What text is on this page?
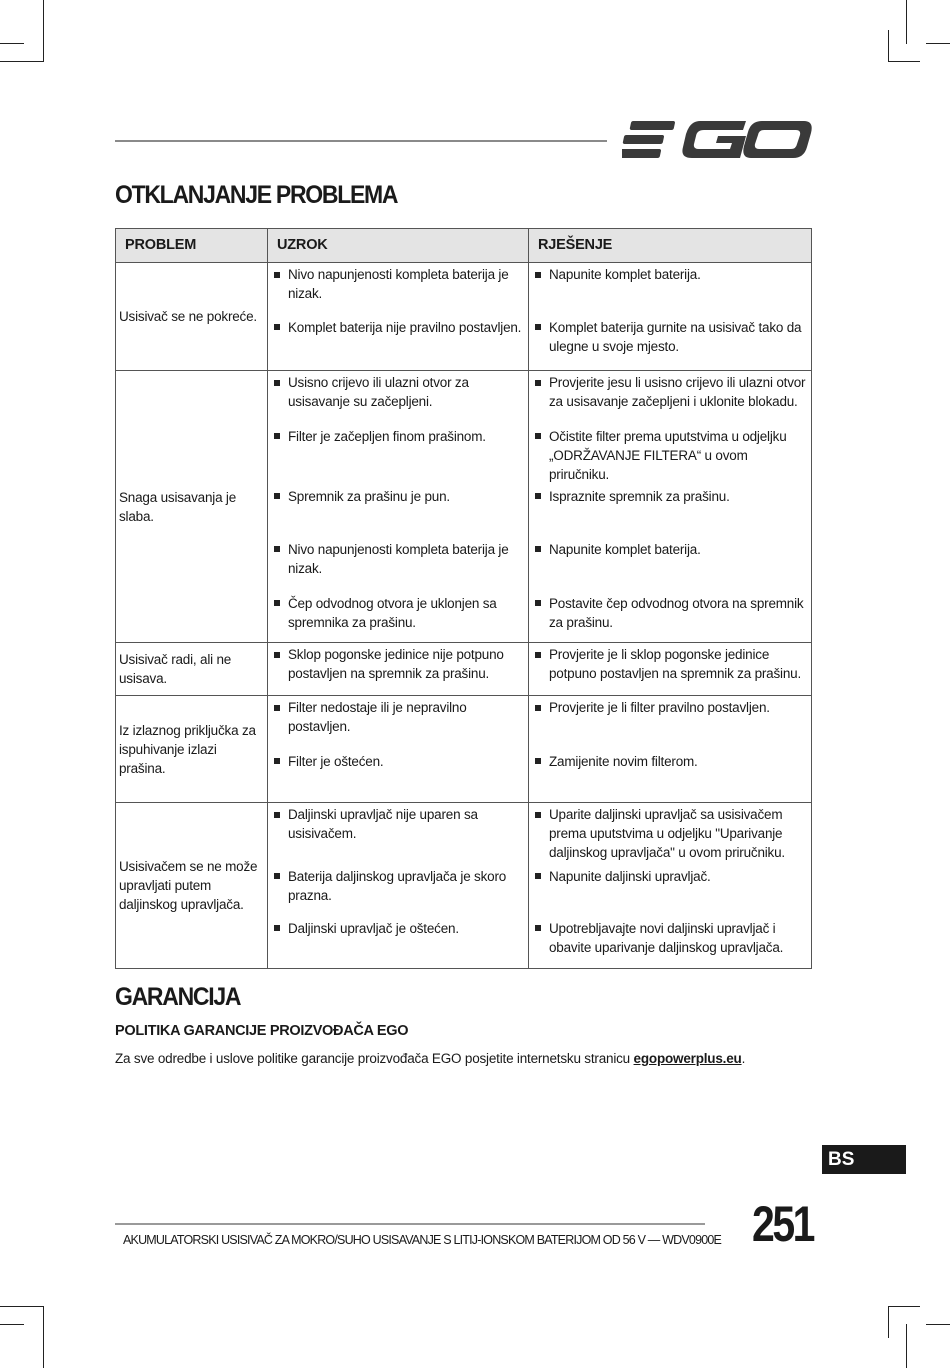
OTKLANJANJE PROBLEMA
PROBLEM	UZROK	RJEŠENJE
Usisivač se ne pokreće.	Nivo napunjenosti kompleta baterija je nizak.	Napunite komplet baterija.

	Komplet baterija nije pravilno postavljen.	Komplet baterija gurnite na usisivač tako da ulegne u svoje mjesto.

Snaga usisavanja je slaba.	Usisno crijevo ili ulazni otvor za usisavanje su začepljeni.	Provjerite jesu li usisno crijevo ili ulazni otvor za usisavanje začepljeni i uklonite blokadu.

	Filter je začepljen finom prašinom.	Očistite filter prema uputstvima u odjeljku „ODRŽAVANJE FILTERA“ u ovom priručniku.

	Spremnik za prašinu je pun.	Ispraznite spremnik za prašinu.

	Nivo napunjenosti kompleta baterija je nizak.	Napunite komplet baterija.

	Čep odvodnog otvora je uklonjen sa spremnika za prašinu.	Postavite čep odvodnog otvora na spremnik za prašinu.

Usisivač radi, ali ne usisava.	Sklop pogonske jedinice nije potpuno postavljen na spremnik za prašinu.	Provjerite je li sklop pogonske jedinice potpuno postavljen na spremnik za prašinu.

Iz izlaznog priključka za ispuhivanje izlazi prašina.	Filter nedostaje ili je nepravilno postavljen.	Provjerite je li filter pravilno postavljen.

	Filter je oštećen.	Zamijenite novim filterom.

Usisivačem se ne može upravljati putem daljinskog upravljača.	Daljinski upravljač nije uparen sa usisivačem.	Uparite daljinski upravljač sa usisivačem prema uputstvima u odjeljku "Uparivanje daljinskog upravljača" u ovom priručniku.

	Baterija daljinskog upravljača je skoro prazna.	Napunite daljinski upravljač.

	Daljinski upravljač je oštećen.	Upotrebljavajte novi daljinski upravljač i obavite uparivanje daljinskog upravljača.
GARANCIJA
POLITIKA GARANCIJE PROIZVOĐAČA EGO

Za sve odredbe i uslove politike garancije proizvođača EGO posjetite internetsku stranicu egopowerplus.eu.

BS

AKUMULATORSKI USISIVAČ ZA MOKRO/SUHO USISAVANJE S LITIJ-IONSKOM BATERIJOM OD 56 V — WDV0900E 251
